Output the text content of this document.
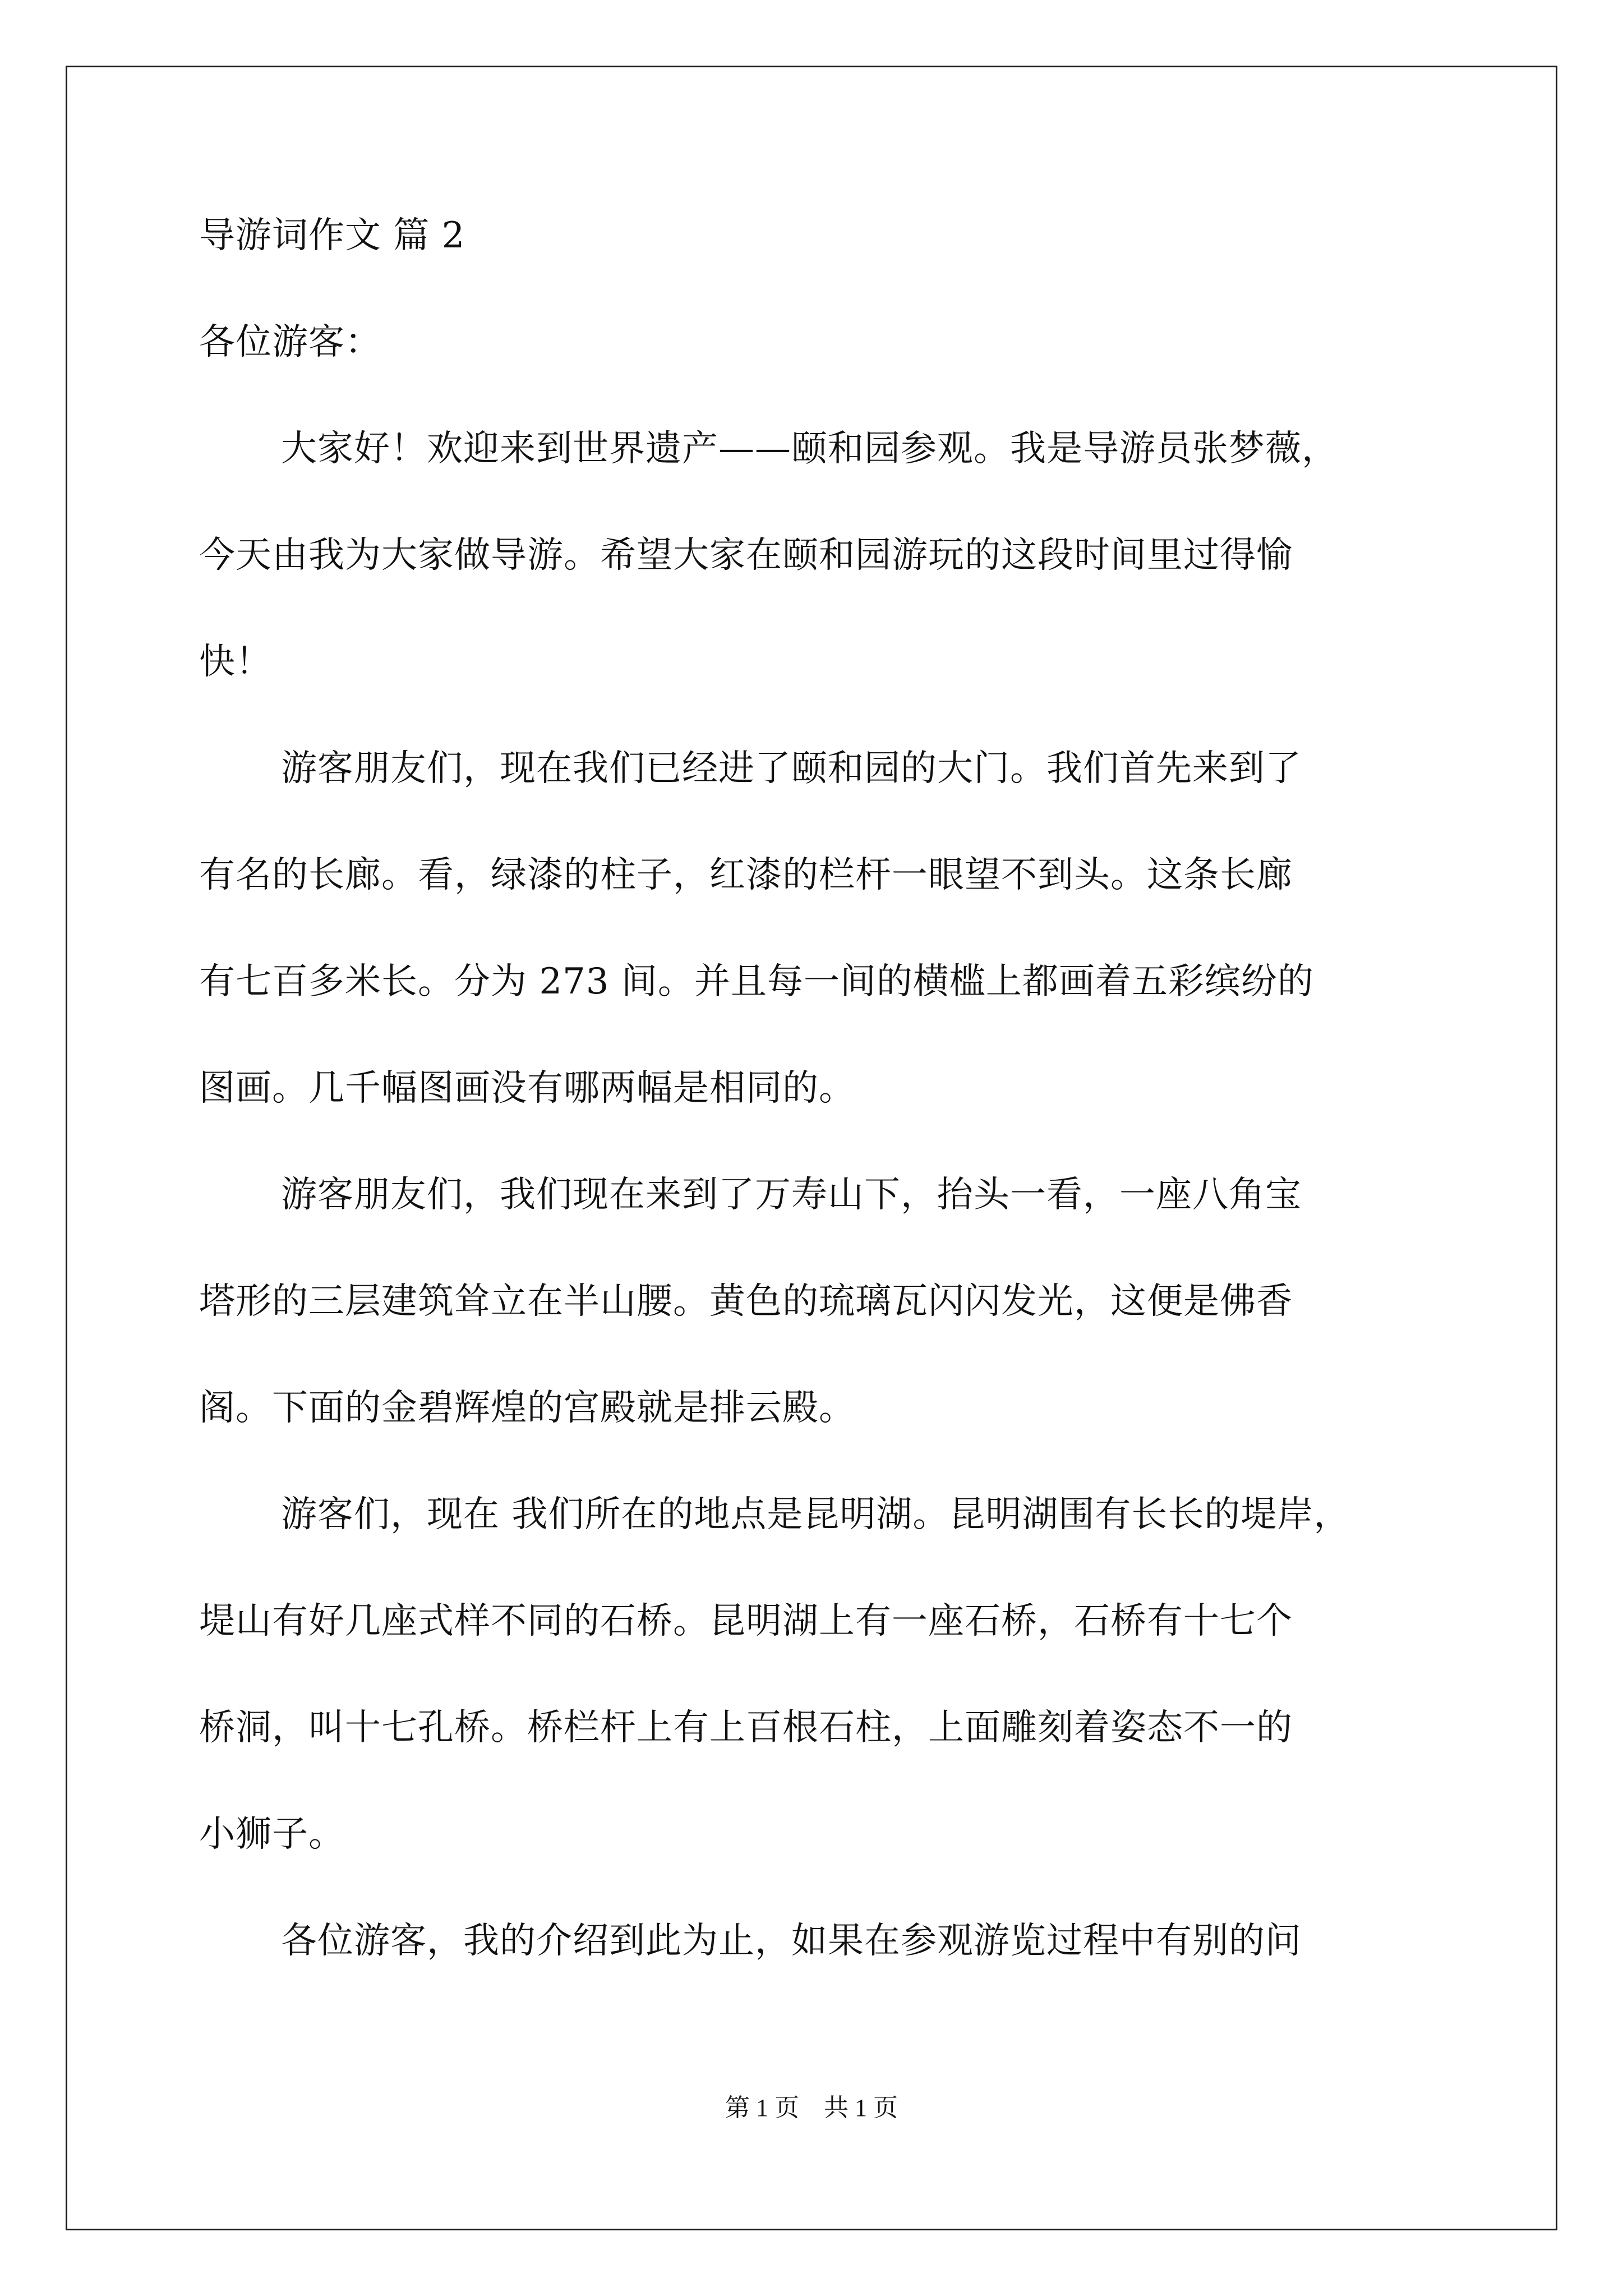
导游词作文 篇 2

各位游客：

大家好！欢迎来到世界遗产——颐和园参观。我是导游员张梦薇，

今天由我为大家做导游。希望大家在颐和园游玩的这段时间里过得愉

快！

游客朋友们，现在我们已经进了颐和园的大门。我们首先来到了

有名的长廊。看，绿漆的柱子，红漆的栏杆一眼望不到头。这条长廊

有七百多米长。分为 273 间。并且每一间的横槛上都画着五彩缤纷的

图画。几千幅图画没有哪两幅是相同的。

游客朋友们，我们现在来到了万寿山下，抬头一看，一座八角宝

塔形的三层建筑耸立在半山腰。黄色的琉璃瓦闪闪发光，这便是佛香

阁。下面的金碧辉煌的宫殿就是排云殿。

游客们，现在 我们所在的地点是昆明湖。昆明湖围有长长的堤岸，

堤山有好几座式样不同的石桥。昆明湖上有一座石桥，石桥有十七个

桥洞，叫十七孔桥。桥栏杆上有上百根石柱，上面雕刻着姿态不一的

小狮子。

各位游客，我的介绍到此为止，如果在参观游览过程中有别的问

第 1 页 共 1 页
